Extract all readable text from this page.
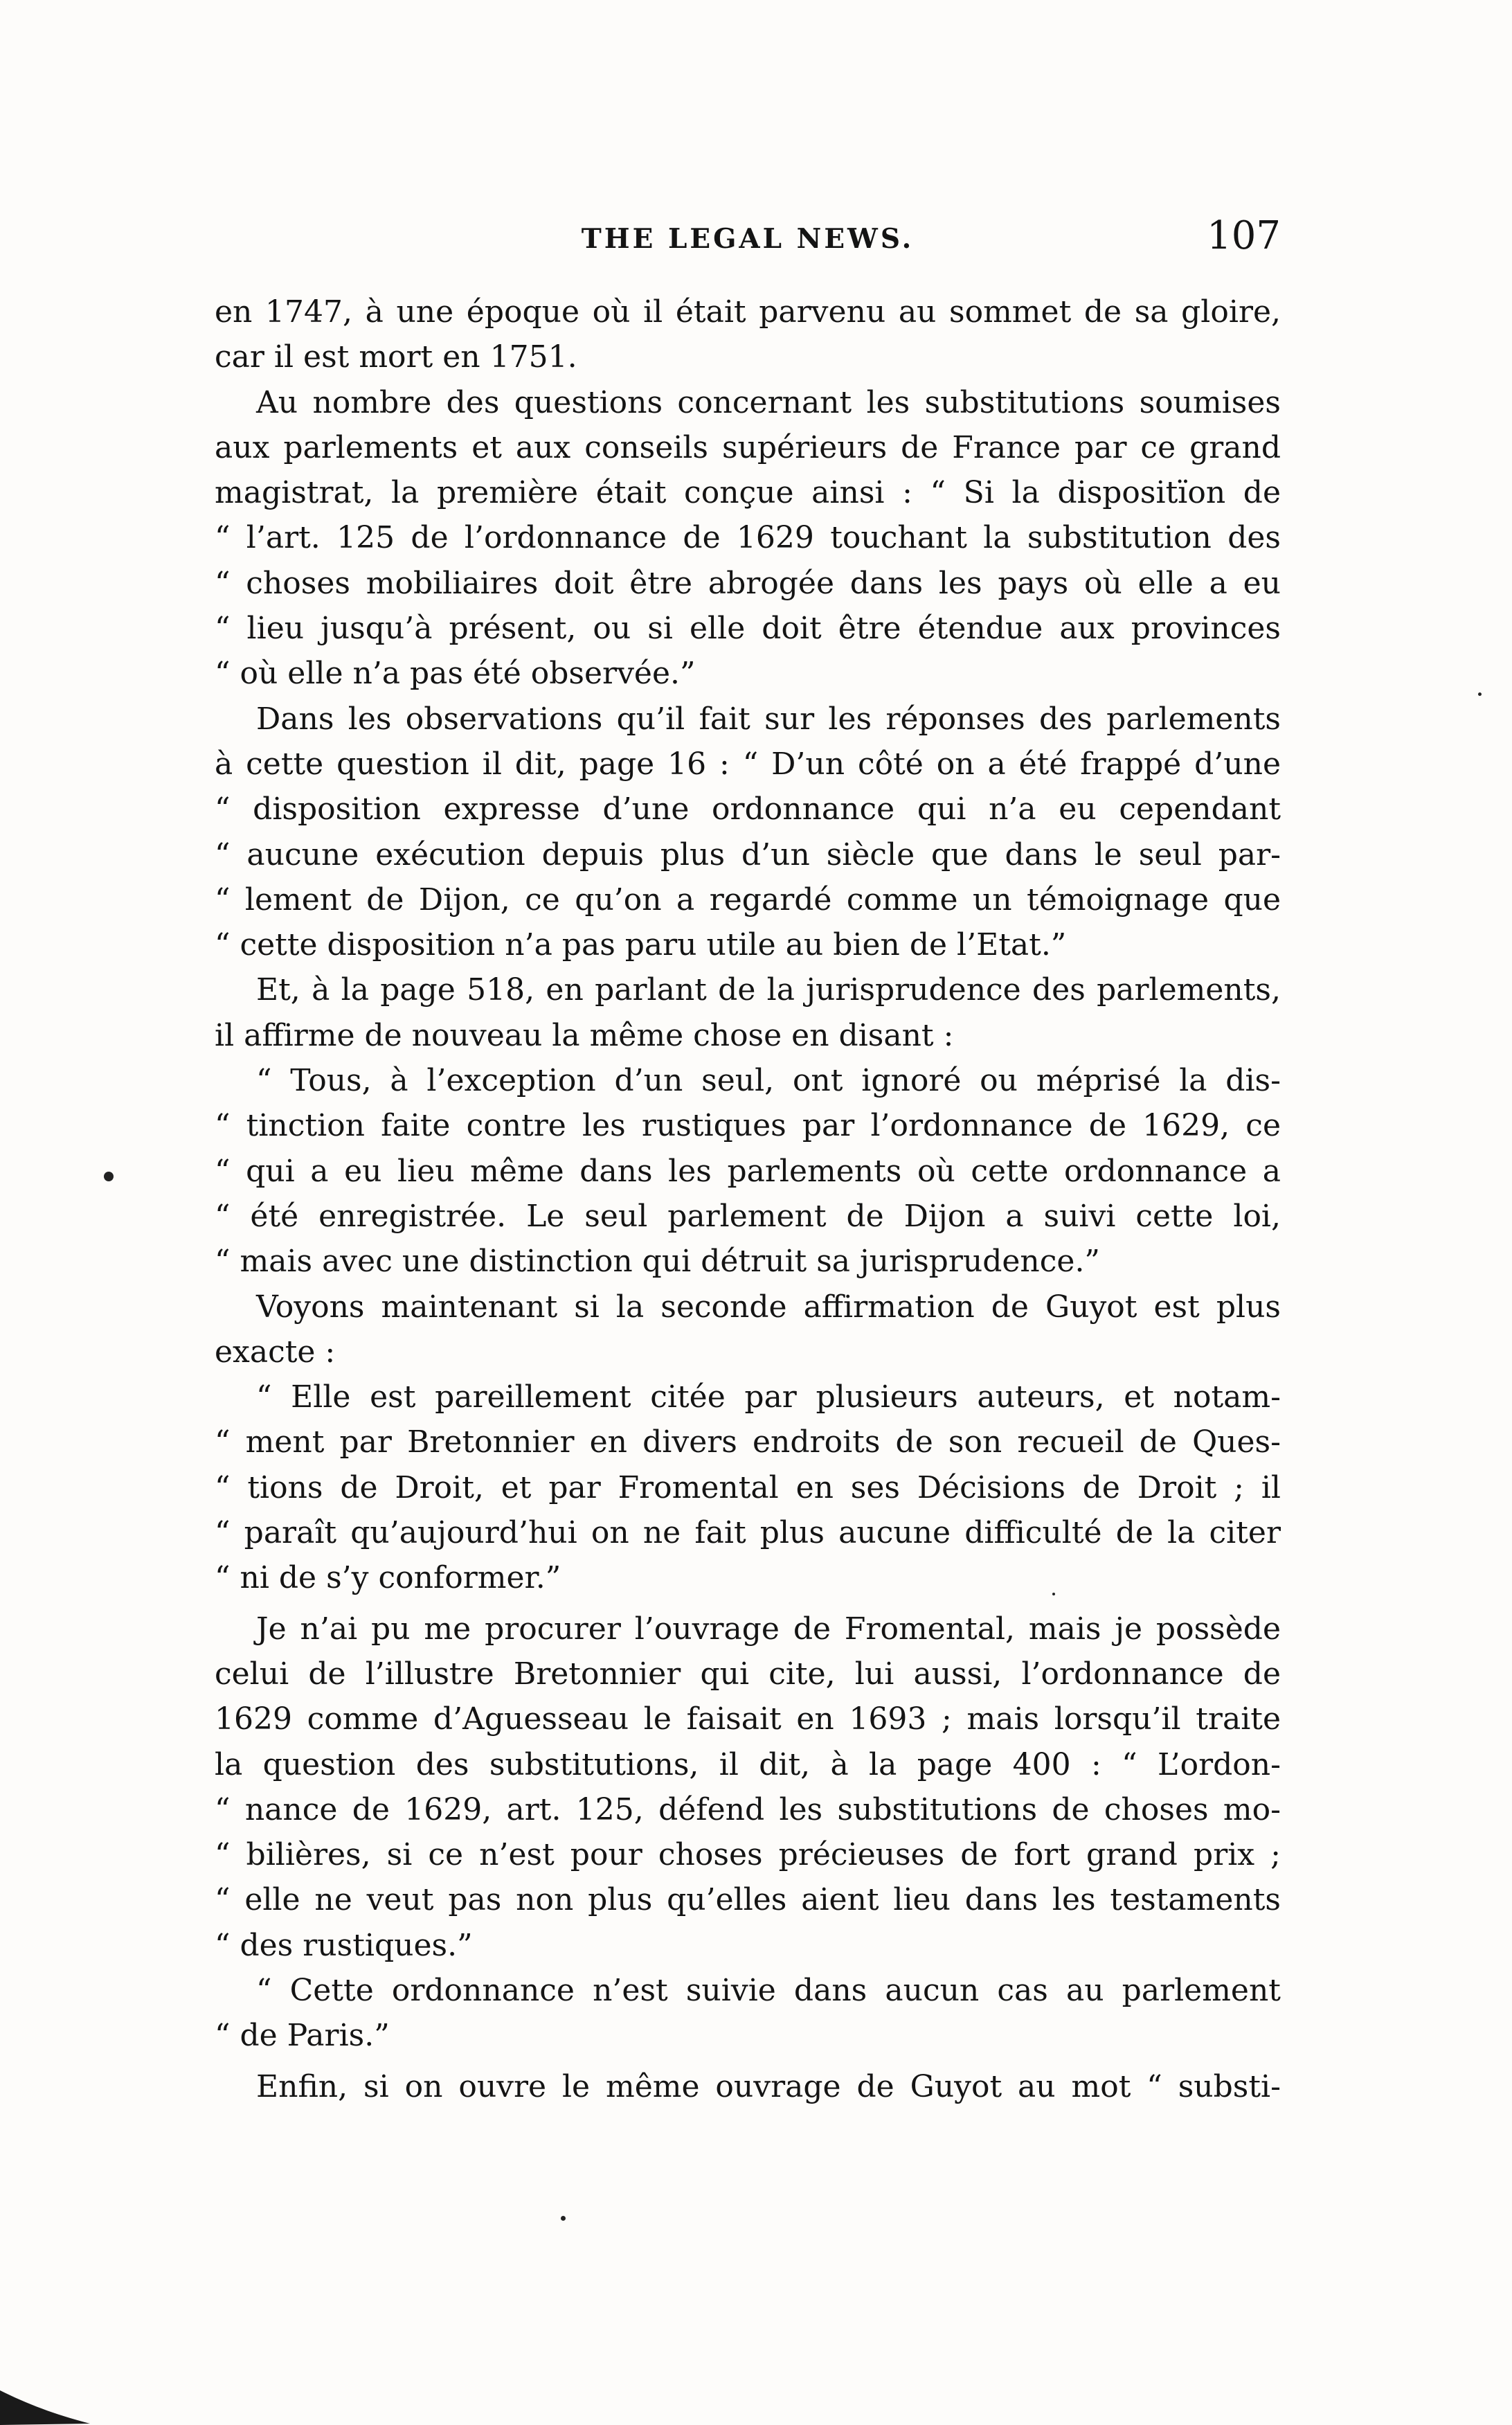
THE LEGAL NEWS.	107
en 1747, à une époque où il était parvenu au sommet de sa gloire,
car il est mort en 1751.
Au nombre des questions concernant les substitutions soumises
aux parlements et aux conseils supérieurs de France par ce grand
magistrat, la première était conçue ainsi : “ Si la dispositïon de
“ l’art. 125 de l’ordonnance de 1629 touchant la substitution des
“ choses mobiliaires doit être abrogée dans les pays où elle a eu
“ lieu jusqu’à présent, ou si elle doit être étendue aux provinces
“ où elle n’a pas été observée.”
Dans les observations qu’il fait sur les réponses des parlements
à cette question il dit, page 16 : “ D’un côté on a été frappé d’une
“ disposition expresse d’une ordonnance qui n’a eu cependant
“ aucune exécution depuis plus d’un siècle que dans le seul par-
“ lement de Dijon, ce qu’on a regardé comme un témoignage que
“ cette disposition n’a pas paru utile au bien de l’Etat.”
Et, à la page 518, en parlant de la jurisprudence des parlements,
il affirme de nouveau la même chose en disant :
“ Tous, à l’exception d’un seul, ont ignoré ou méprisé la dis-
“ tinction faite contre les rustiques par l’ordonnance de 1629, ce
“ qui a eu lieu même dans les parlements où cette ordonnance a
“ été enregistrée. Le seul parlement de Dijon a suivi cette loi,
“ mais avec une distinction qui détruit sa jurisprudence.”
Voyons maintenant si la seconde affirmation de Guyot est plus
exacte :
“ Elle est pareillement citée par plusieurs auteurs, et notam-
“ ment par Bretonnier en divers endroits de son recueil de Ques-
“ tions de Droit, et par Fromental en ses Décisions de Droit ; il
“ paraît qu’aujourd’hui on ne fait plus aucune difficulté de la citer
“ ni de s’y conformer.”
Je n’ai pu me procurer l’ouvrage de Fromental, mais je possède
celui de l’illustre Bretonnier qui cite, lui aussi, l’ordonnance de
1629 comme d’Aguesseau le faisait en 1693 ; mais lorsqu’il traite
la question des substitutions, il dit, à la page 400 : “ L’ordon-
“ nance de 1629, art. 125, défend les substitutions de choses mo-
“ bilières, si ce n’est pour choses précieuses de fort grand prix ;
“ elle ne veut pas non plus qu’elles aient lieu dans les testaments
“ des rustiques.”
“ Cette ordonnance n’est suivie dans aucun cas au parlement
“ de Paris.”
Enfin, si on ouvre le même ouvrage de Guyot au mot “ substi-
